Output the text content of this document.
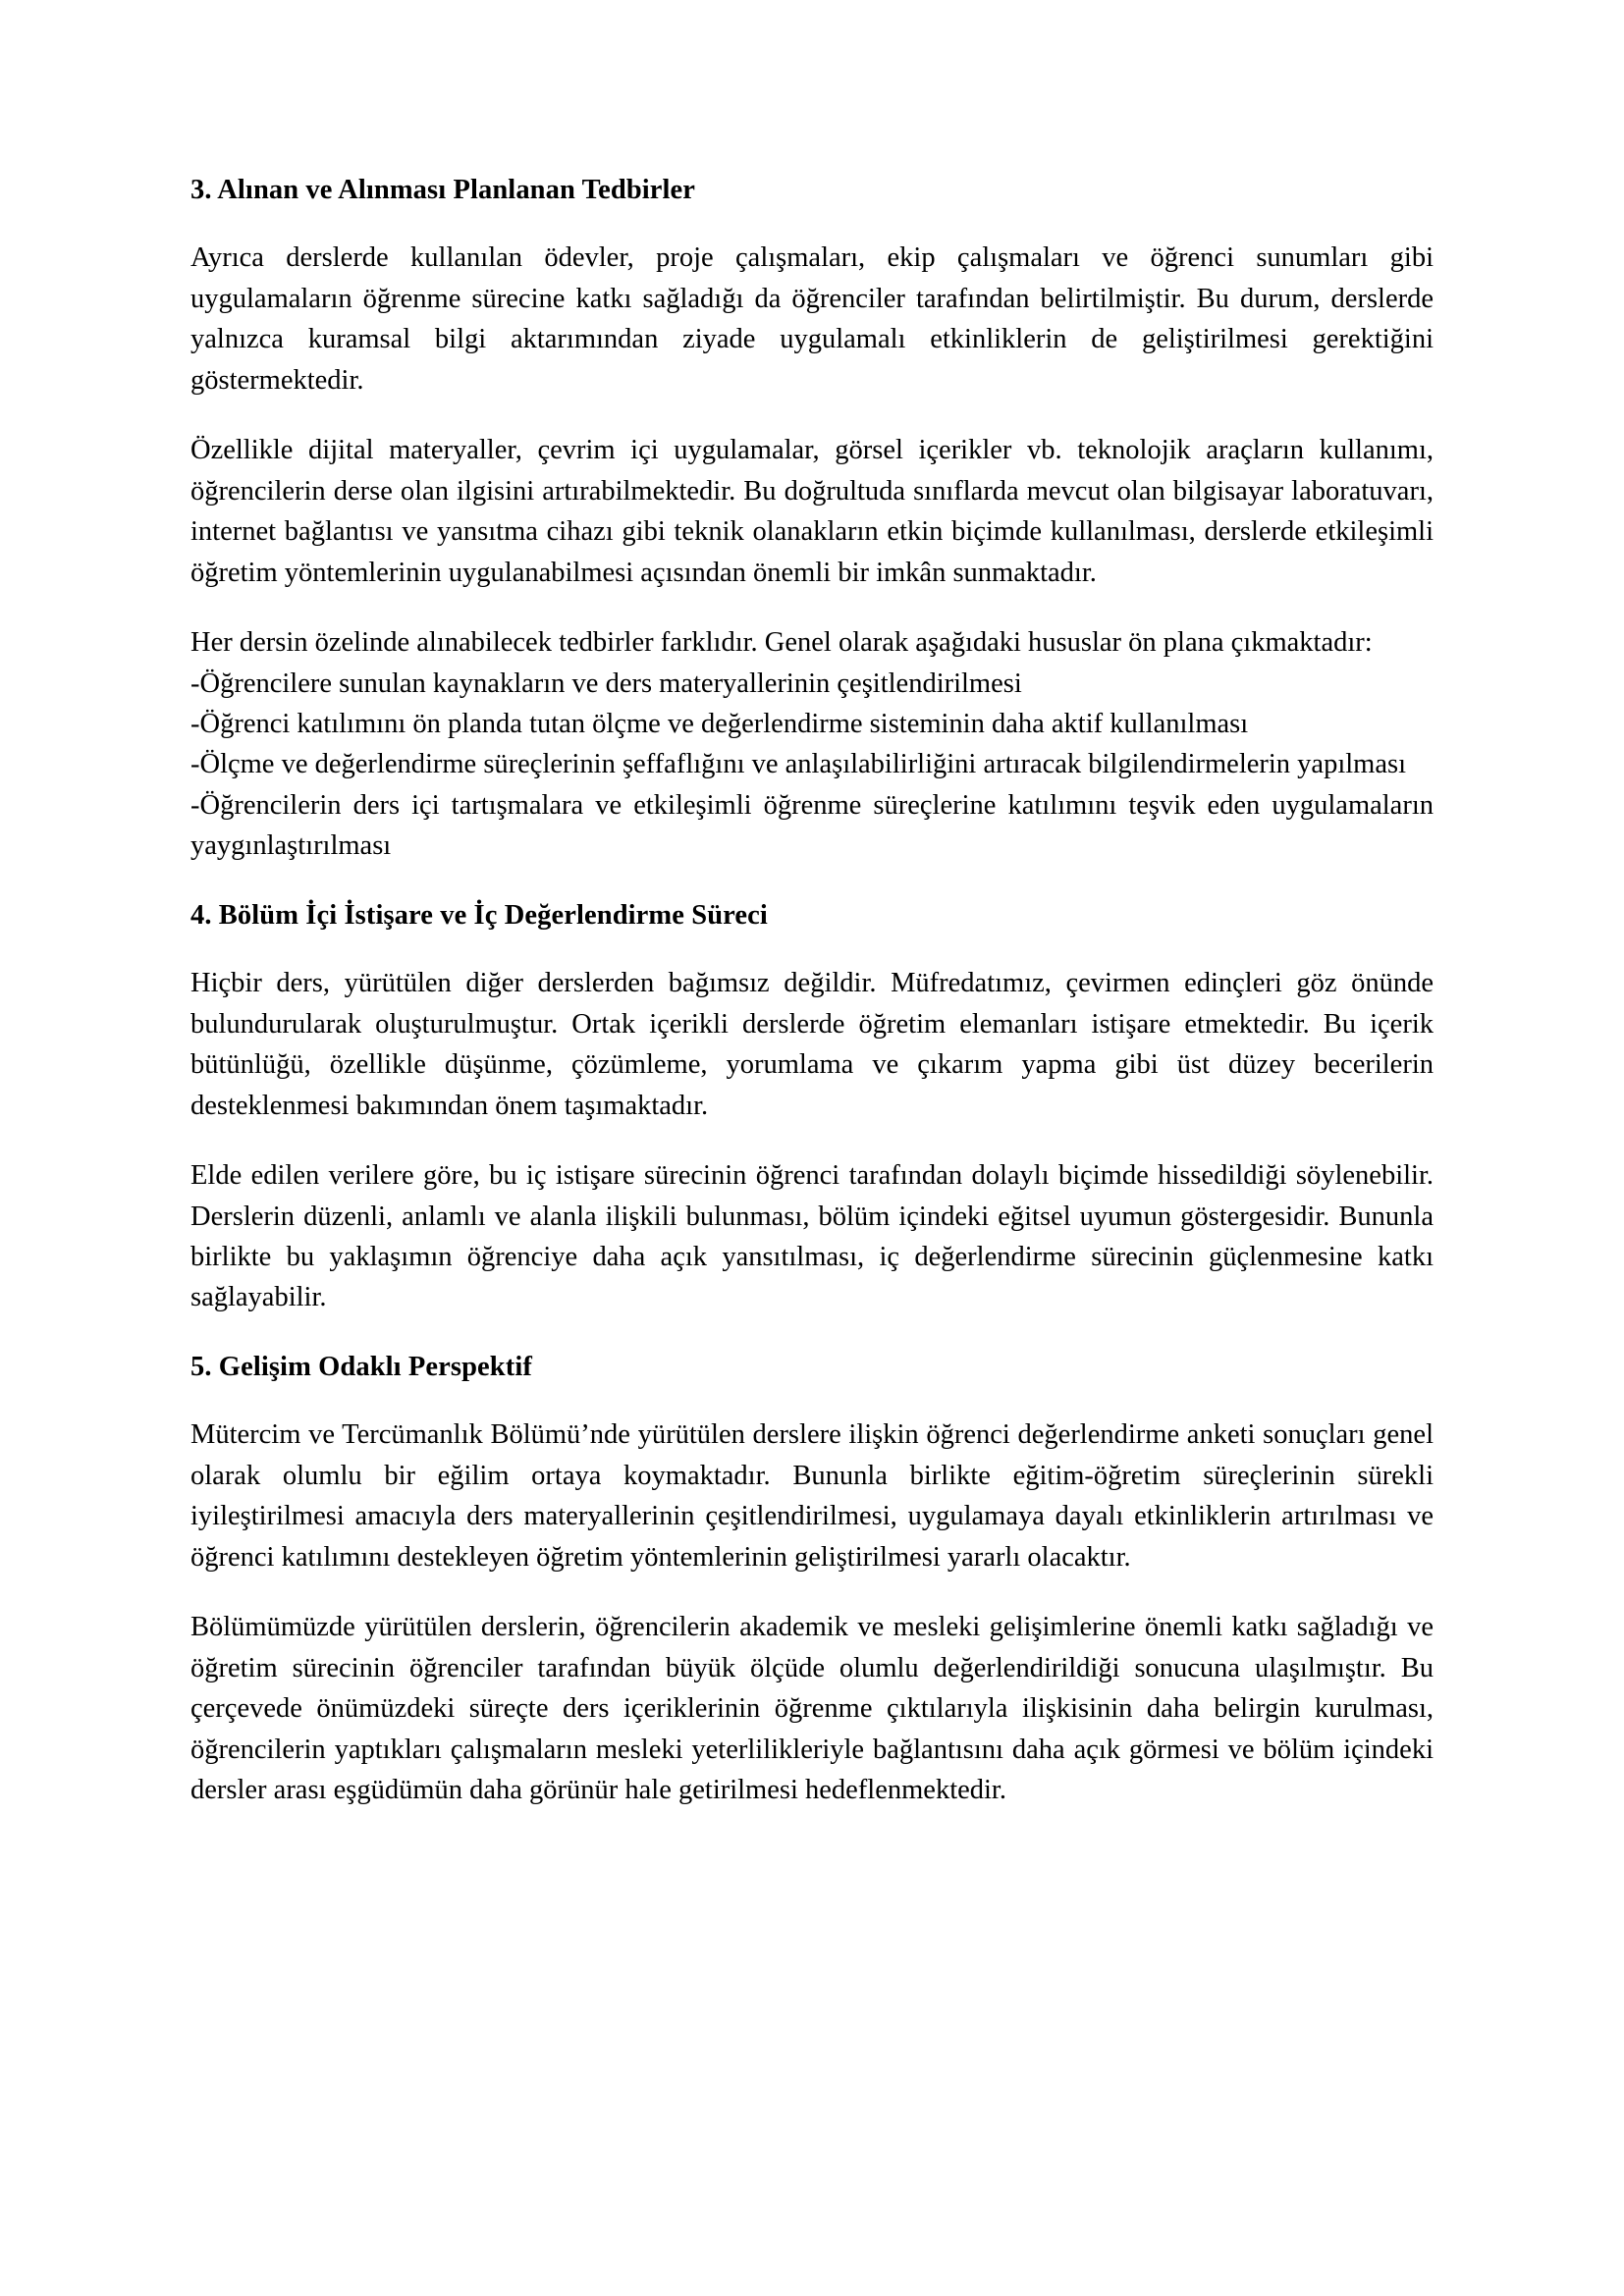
3. Alınan ve Alınması Planlanan Tedbirler

Ayrıca derslerde kullanılan ödevler, proje çalışmaları, ekip çalışmaları ve öğrenci sunumları gibi uygulamaların öğrenme sürecine katkı sağladığı da öğrenciler tarafından belirtilmiştir. Bu durum, derslerde yalnızca kuramsal bilgi aktarımından ziyade uygulamalı etkinliklerin de geliştirilmesi gerektiğini göstermektedir.

Özellikle dijital materyaller, çevrim içi uygulamalar, görsel içerikler vb. teknolojik araçların kullanımı, öğrencilerin derse olan ilgisini artırabilmektedir. Bu doğrultuda sınıflarda mevcut olan bilgisayar laboratuvarı, internet bağlantısı ve yansıtma cihazı gibi teknik olanakların etkin biçimde kullanılması, derslerde etkileşimli öğretim yöntemlerinin uygulanabilmesi açısından önemli bir imkân sunmaktadır.

Her dersin özelinde alınabilecek tedbirler farklıdır. Genel olarak aşağıdaki hususlar ön plana çıkmaktadır:

-Öğrencilere sunulan kaynakların ve ders materyallerinin çeşitlendirilmesi

-Öğrenci katılımını ön planda tutan ölçme ve değerlendirme sisteminin daha aktif kullanılması

-Ölçme ve değerlendirme süreçlerinin şeffaflığını ve anlaşılabilirliğini artıracak bilgilendirmelerin yapılması

-Öğrencilerin ders içi tartışmalara ve etkileşimli öğrenme süreçlerine katılımını teşvik eden uygulamaların yaygınlaştırılması

4. Bölüm İçi İstişare ve İç Değerlendirme Süreci

Hiçbir ders, yürütülen diğer derslerden bağımsız değildir. Müfredatımız, çevirmen edinçleri göz önünde bulundurularak oluşturulmuştur. Ortak içerikli derslerde öğretim elemanları istişare etmektedir. Bu içerik bütünlüğü, özellikle düşünme, çözümleme, yorumlama ve çıkarım yapma gibi üst düzey becerilerin desteklenmesi bakımından önem taşımaktadır.

Elde edilen verilere göre, bu iç istişare sürecinin öğrenci tarafından dolaylı biçimde hissedildiği söylenebilir. Derslerin düzenli, anlamlı ve alanla ilişkili bulunması, bölüm içindeki eğitsel uyumun göstergesidir. Bununla birlikte bu yaklaşımın öğrenciye daha açık yansıtılması, iç değerlendirme sürecinin güçlenmesine katkı sağlayabilir.

5. Gelişim Odaklı Perspektif

Mütercim ve Tercümanlık Bölümü’nde yürütülen derslere ilişkin öğrenci değerlendirme anketi sonuçları genel olarak olumlu bir eğilim ortaya koymaktadır. Bununla birlikte eğitim-öğretim süreçlerinin sürekli iyileştirilmesi amacıyla ders materyallerinin çeşitlendirilmesi, uygulamaya dayalı etkinliklerin artırılması ve öğrenci katılımını destekleyen öğretim yöntemlerinin geliştirilmesi yararlı olacaktır.

Bölümümüzde yürütülen derslerin, öğrencilerin akademik ve mesleki gelişimlerine önemli katkı sağladığı ve öğretim sürecinin öğrenciler tarafından büyük ölçüde olumlu değerlendirildiği sonucuna ulaşılmıştır. Bu çerçevede önümüzdeki süreçte ders içeriklerinin öğrenme çıktılarıyla ilişkisinin daha belirgin kurulması, öğrencilerin yaptıkları çalışmaların mesleki yeterlilikleriyle bağlantısını daha açık görmesi ve bölüm içindeki dersler arası eşgüdümün daha görünür hale getirilmesi hedeflenmektedir.
